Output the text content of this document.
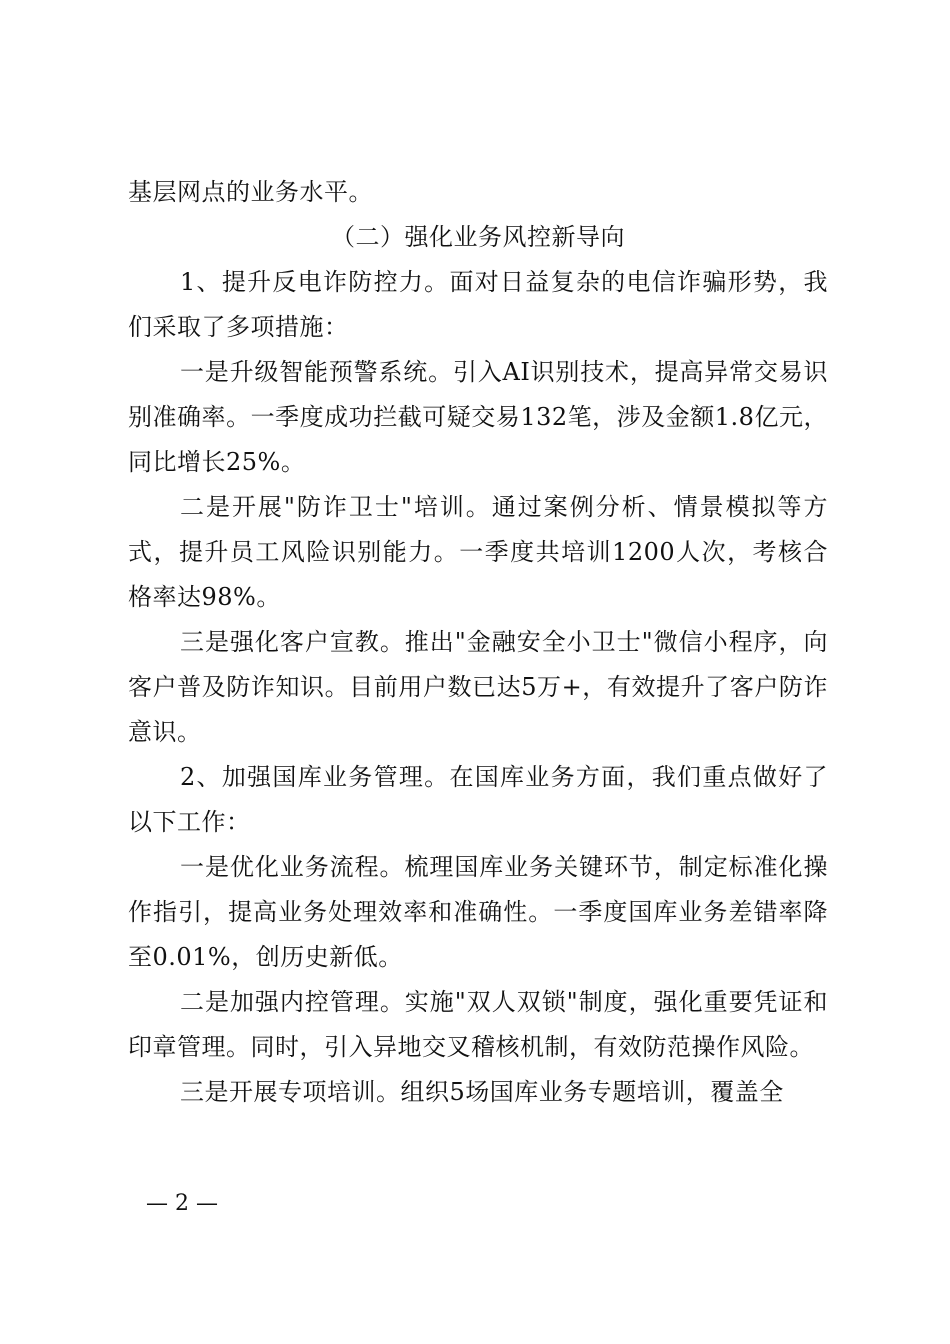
基层网点的业务水平。

（二）强化业务风控新导向

1、提升反电诈防控力。面对日益复杂的电信诈骗形势，我们采取了多项措施：

一是升级智能预警系统。引入AI识别技术，提高异常交易识别准确率。一季度成功拦截可疑交易132笔，涉及金额1.8亿元，同比增长25%。

二是开展"防诈卫士"培训。通过案例分析、情景模拟等方式，提升员工风险识别能力。一季度共培训1200人次，考核合格率达98%。

三是强化客户宣教。推出"金融安全小卫士"微信小程序，向客户普及防诈知识。目前用户数已达5万+，有效提升了客户防诈意识。

2、加强国库业务管理。在国库业务方面，我们重点做好了以下工作：

一是优化业务流程。梳理国库业务关键环节，制定标准化操作指引，提高业务处理效率和准确性。一季度国库业务差错率降至0.01%，创历史新低。

二是加强内控管理。实施"双人双锁"制度，强化重要凭证和印章管理。同时，引入异地交叉稽核机制，有效防范操作风险。

三是开展专项培训。组织5场国库业务专题培训，覆盖全

— 2 —
